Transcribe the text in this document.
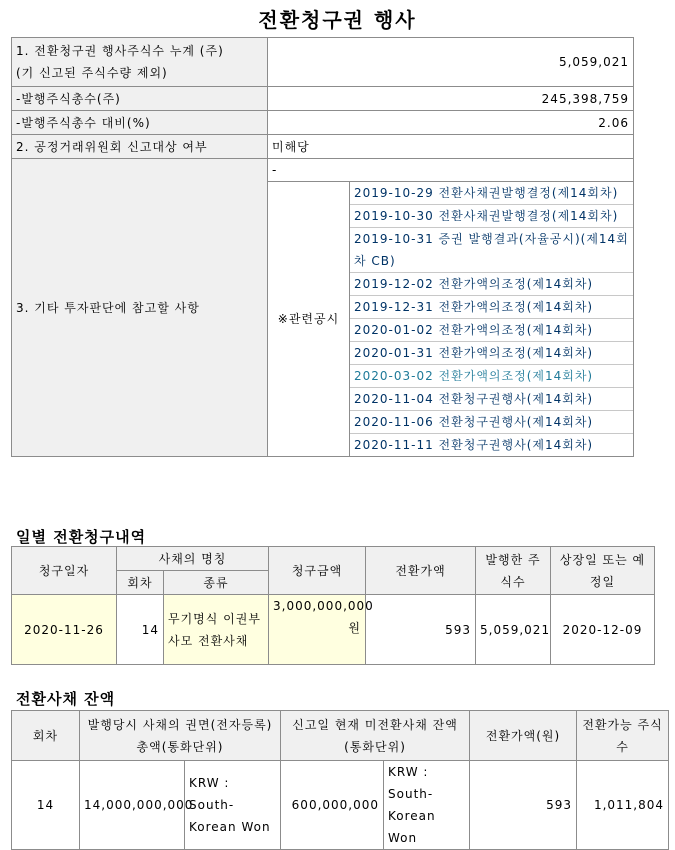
전환청구권 행사
1. 전환청구권 행사주식수 누계 (주)
(기 신고된 주식수량 제외)
	5,059,021
-발행주식총수(주)	245,398,759
-발행주식총수 대비(%)	2.06
2. 공정거래위원회 신고대상 여부	미해당
3. 기타 투자판단에 참고할 사항	-
※관련공시	
2019-10-29 전환사채권발행결정(제14회차)
2019-10-30 전환사채권발행결정(제14회차)
2019-10-31 증권 발행결과(자율공시)(제14회차 CB)
2019-12-02 전환가액의조정(제14회차)
2019-12-31 전환가액의조정(제14회차)
2020-01-02 전환가액의조정(제14회차)
2020-01-31 전환가액의조정(제14회차)
2020-03-02 전환가액의조정(제14회차)
2020-11-04 전환청구권행사(제14회차)
2020-11-06 전환청구권행사(제14회차)
2020-11-11 전환청구권행사(제14회차)
일별 전환청구내역
청구일자	사채의 명칭		청구금액	전환가액	발행한 주식수	상장일 또는 예정일
	회차	종류				
2020-11-26	14	무기명식 이권부 사모 전환사채	3,000,000,000원	593	5,059,021	2020-12-09
전환사채 잔액
회차	발행당시 사채의 권면(전자등록)총액(통화단위)		신고일 현재 미전환사채 잔액 (통화단위)		전환가액(원)	전환가능 주식수
14	14,000,000,000	KRW : South-Korean Won	600,000,000	KRW : South-Korean Won	593	1,011,804
